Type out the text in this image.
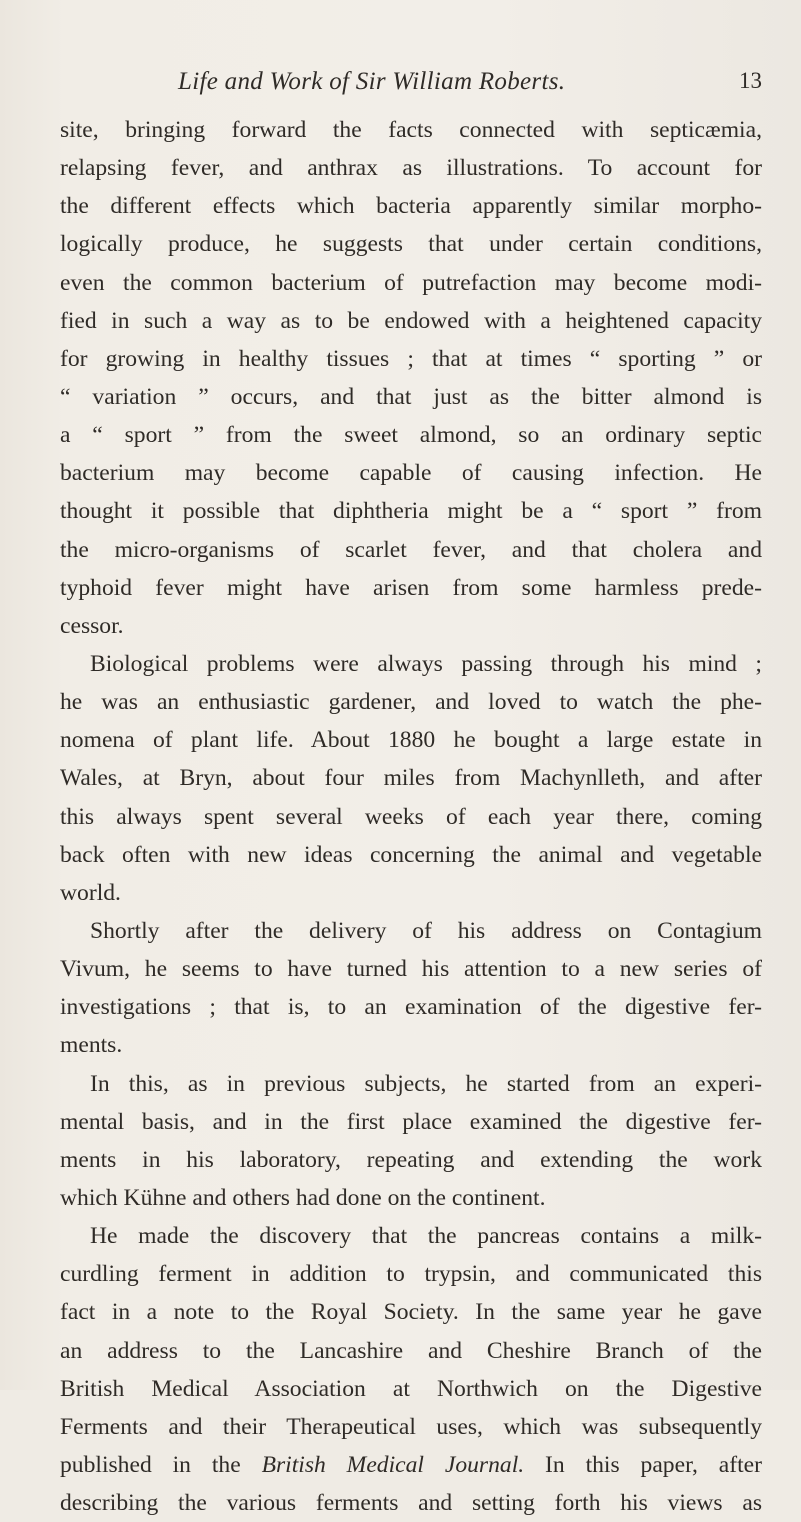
Life and Work of Sir William Roberts.	13
site, bringing forward the facts connected with septicæmia,
relapsing fever, and anthrax as illustrations. To account for
the different effects which bacteria apparently similar morpho-
logically produce, he suggests that under certain conditions,
even the common bacterium of putrefaction may become modi-
fied in such a way as to be endowed with a heightened capacity
for growing in healthy tissues ; that at times “ sporting ” or
“ variation ” occurs, and that just as the bitter almond is
a “ sport ” from the sweet almond, so an ordinary septic
bacterium may become capable of causing infection. He
thought it possible that diphtheria might be a “ sport ” from
the micro-organisms of scarlet fever, and that cholera and
typhoid fever might have arisen from some harmless prede-
cessor.
Biological problems were always passing through his mind ;
he was an enthusiastic gardener, and loved to watch the phe-
nomena of plant life. About 1880 he bought a large estate in
Wales, at Bryn, about four miles from Machynlleth, and after
this always spent several weeks of each year there, coming
back often with new ideas concerning the animal and vegetable
world.
Shortly after the delivery of his address on Contagium
Vivum, he seems to have turned his attention to a new series of
investigations ; that is, to an examination of the digestive fer-
ments.
In this, as in previous subjects, he started from an experi-
mental basis, and in the first place examined the digestive fer-
ments in his laboratory, repeating and extending the work
which Kühne and others had done on the continent.
He made the discovery that the pancreas contains a milk-
curdling ferment in addition to trypsin, and communicated this
fact in a note to the Royal Society. In the same year he gave
an address to the Lancashire and Cheshire Branch of the
British Medical Association at Northwich on the Digestive
Ferments and their Therapeutical uses, which was subsequently
published in the British Medical Journal. In this paper, after
describing the various ferments and setting forth his views as
